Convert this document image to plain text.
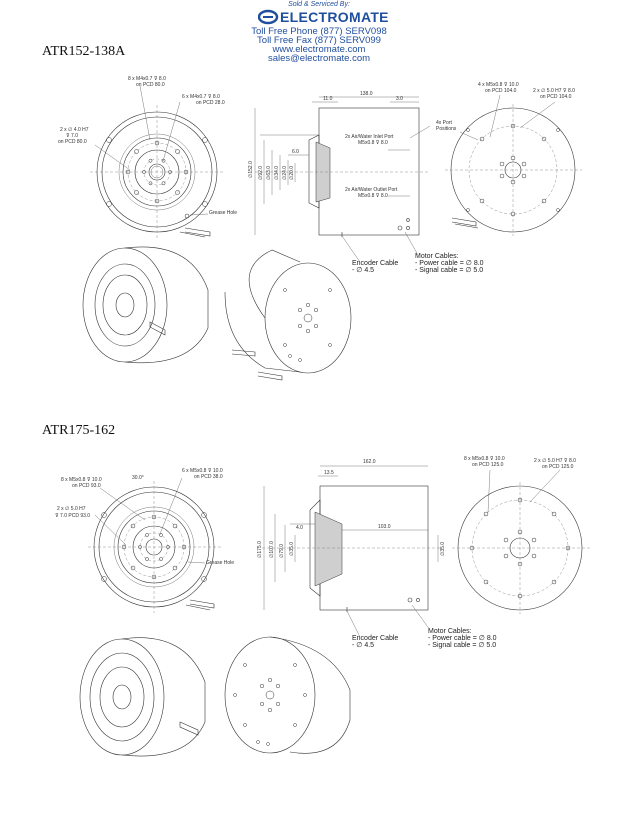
Sold & Serviced By:
ELECTROMATE
Toll Free Phone (877) SERV098
Toll Free Fax (877) SERV099
www.electromate.com
sales@electromate.com
ATR152-138A
ATR175-162
8 x M4x0.7 ⊽ 8.0
on PCD 80.0
6 x M4x0.7 ⊽ 8.0
on PCD 28.0
2 x ∅ 4.0 H7
⊽ 7.0
on PCD 80.0
Grease Hole
138.0
11.0	3.0
6.0
∅152.0 ∅92.0 ∅63.0 ∅34.0 ∅24.0 ∅20.0
2x Air/Water Inlet Port
M5x0.8 ⊽ 8.0
2x Air/Water Outlet Port
M5x0.8 ⊽ 8.0
Encoder Cable
- ∅ 4.5
Motor Cables:
- Power cable = ∅ 8.0
- Signal cable = ∅ 5.0
4 x M5x0.8 ⊽ 10.0
on PCD 104.0	2 x ∅ 5.0 H7 ⊽ 8.0
on PCD 104.0
4x Port
Positions
8 x M5x0.8 ⊽ 10.0
on PCD 93.0
30.0°
6 x M5x0.8 ⊽ 10.0
on PCD 38.0
2 x ∅ 5.0 H7
⊽ 7.0 PCD 93.0
Grease Hole
162.0
13.5
4.0	103.0
∅175.0 ∅107.0 ∅79.0 ∅35.0	∅35.0
Encoder Cable
- ∅ 4.5
Motor Cables:
- Power cable = ∅ 8.0
- Signal cable = ∅ 5.0
8 x M5x0.8 ⊽ 10.0
on PCD 125.0
2 x ∅ 5.0 H7 ⊽ 8.0
on PCD 125.0
